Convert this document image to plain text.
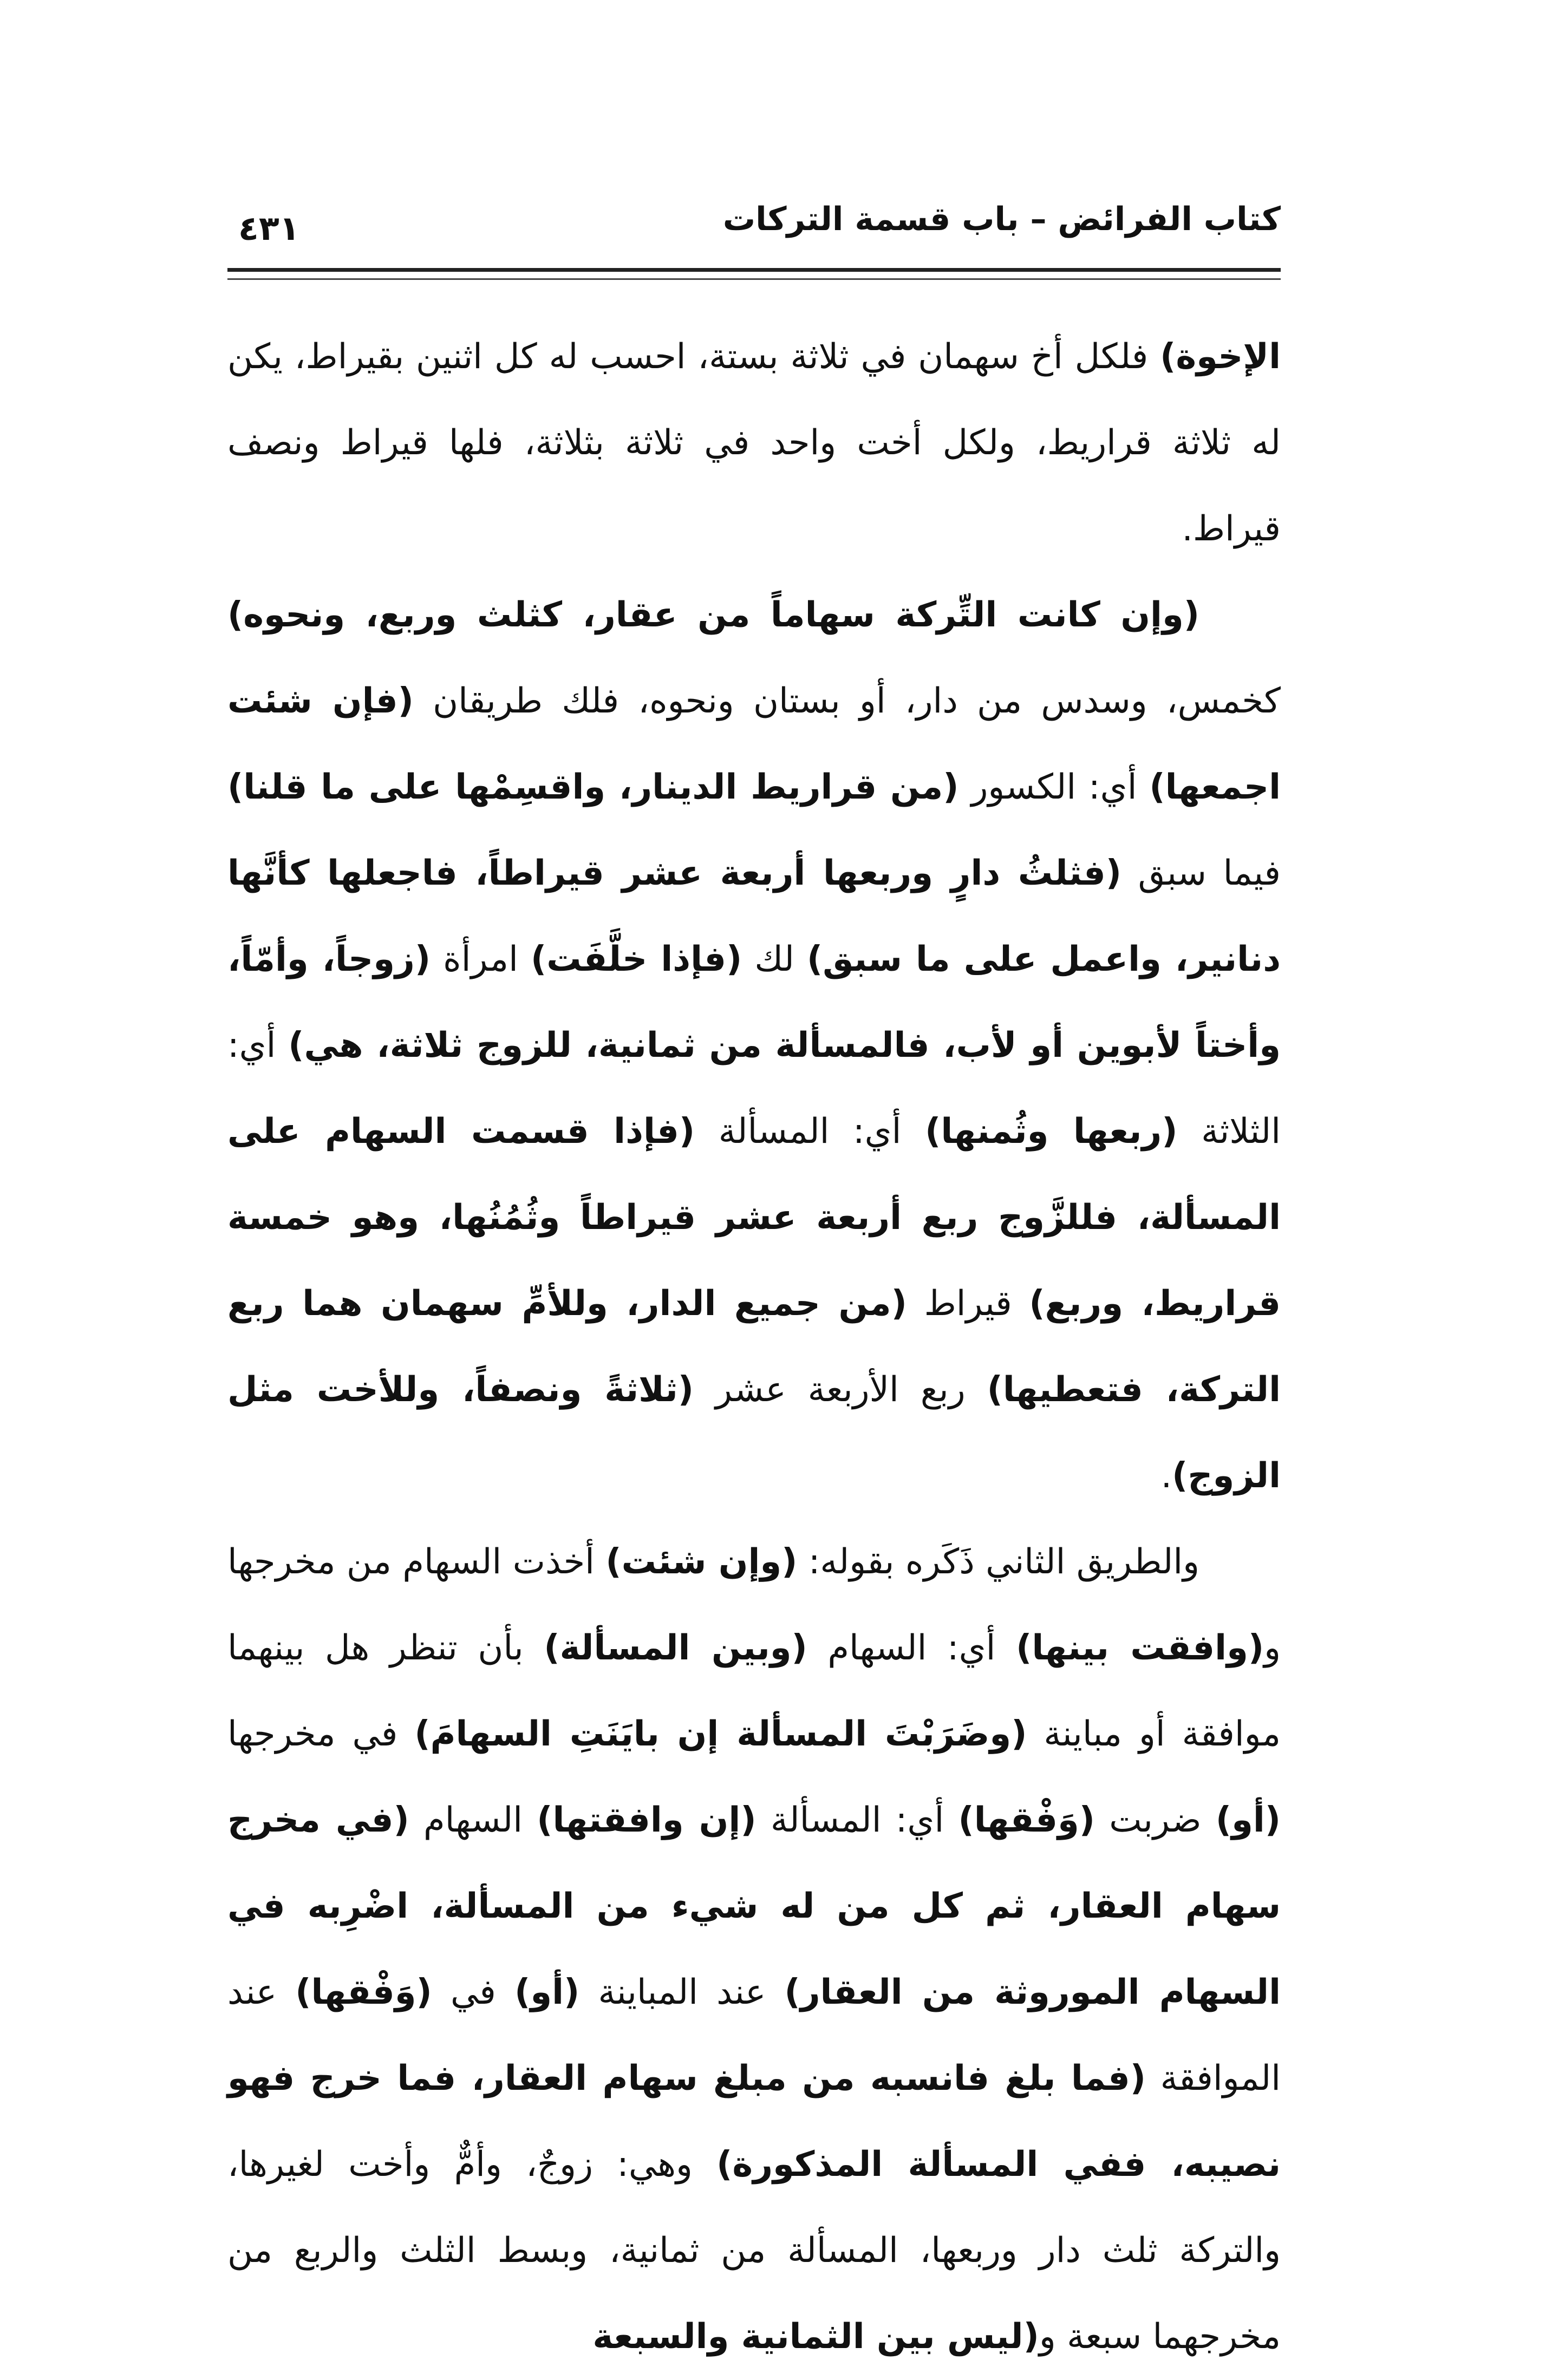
كتاب الفرائض – باب قسمة التركات
٤٣١

الإخوة) فلكل أخ سهمان في ثلاثة بستة، احسب له كل اثنين بقيراط، يكن له ثلاثة قراريط، ولكل أخت واحد في ثلاثة بثلاثة، فلها قيراط ونصف قيراط.

(وإن كانت التِّركة سهاماً من عقار، كثلث وربع، ونحوه) كخمس، وسدس من دار، أو بستان ونحوه، فلك طريقان (فإن شئت اجمعها) أي: الكسور (من قراريط الدينار، واقسِمْها على ما قلنا) فيما سبق (فثلثُ دارٍ وربعها أربعة عشر قيراطاً، فاجعلها كأنَّها دنانير، واعمل على ما سبق) لك (فإذا خلَّفَت) امرأة (زوجاً، وأمّاً، وأختاً لأبوين أو لأب، فالمسألة من ثمانية، للزوج ثلاثة، هي) أي: الثلاثة (ربعها وثُمنها) أي: المسألة (فإذا قسمت السهام على المسألة، فللزَّوج ربع أربعة عشر قيراطاً وثُمُنُها، وهو خمسة قراريط، وربع) قيراط (من جميع الدار، وللأمِّ سهمان هما ربع التركة، فتعطيها) ربع الأربعة عشر (ثلاثةً ونصفاً، وللأخت مثل الزوج).

والطريق الثاني ذَكَره بقوله: (وإن شئت) أخذت السهام من مخرجها و(وافقت بينها) أي: السهام (وبين المسألة) بأن تنظر هل بينهما موافقة أو مباينة (وضَرَبْتَ المسألة إن بايَنَتِ السهامَ) في مخرجها (أو) ضربت (وَفْقها) أي: المسألة (إن وافقتها) السهام (في مخرج سهام العقار، ثم كل من له شيء من المسألة، اضْرِبه في السهام الموروثة من العقار) عند المباينة (أو) في (وَفْقها) عند الموافقة (فما بلغ فانسبه من مبلغ سهام العقار، فما خرج فهو نصيبه، ففي المسألة المذكورة) وهي: زوجٌ، وأمٌّ وأخت لغيرها، والتركة ثلث دار وربعها، المسألة من ثمانية، وبسط الثلث والربع من مخرجهما سبعة و(ليس بين الثمانية والسبعة
